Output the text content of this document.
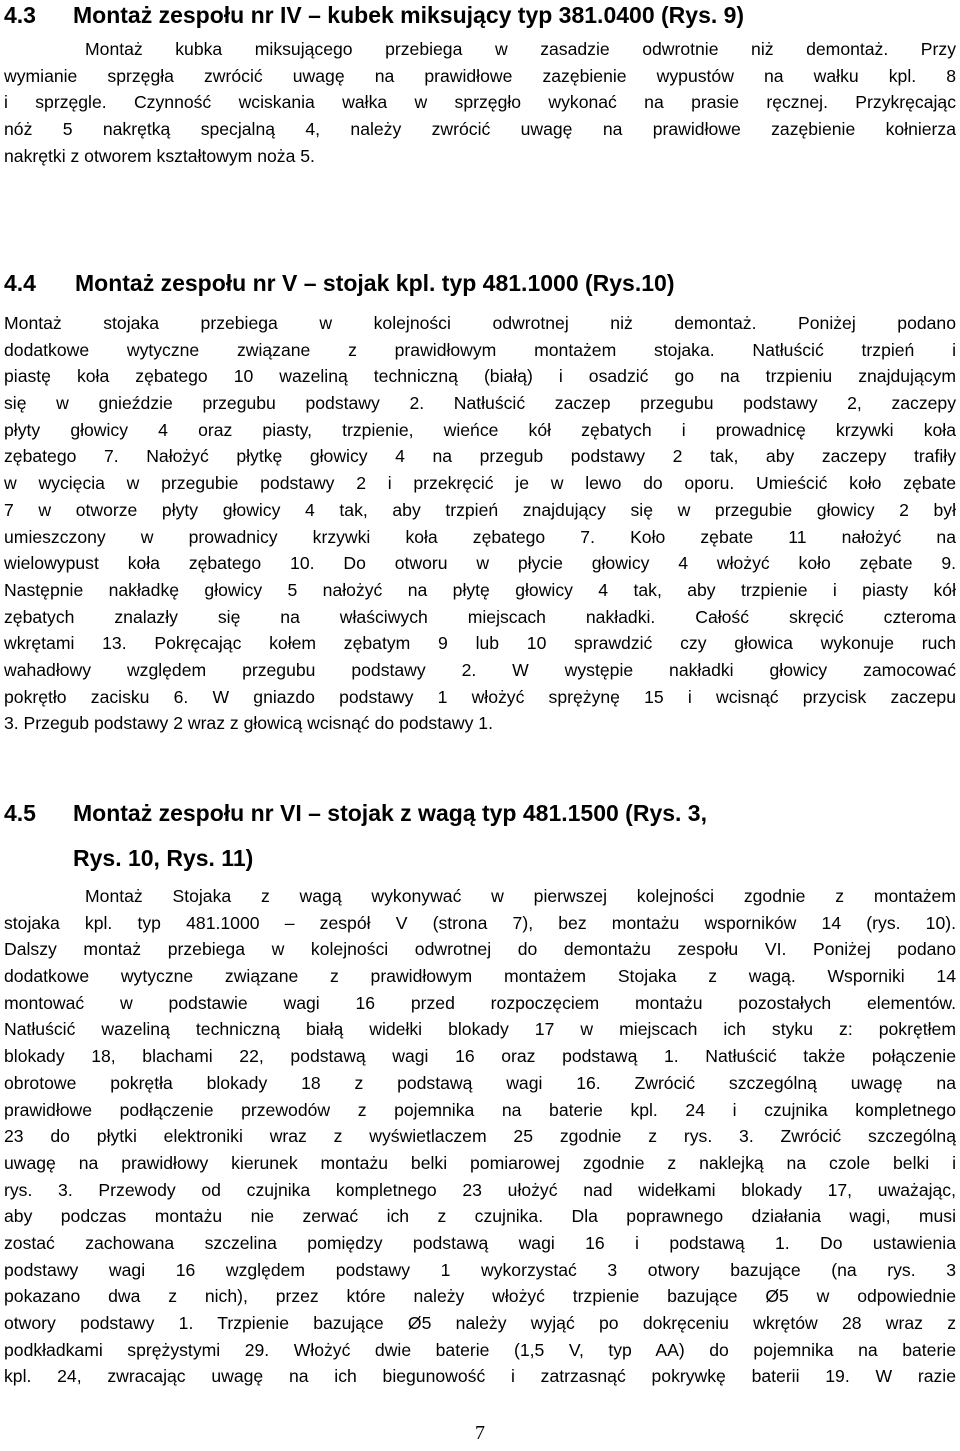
4.3 Montaż zespołu nr IV – kubek miksujący typ 381.0400 (Rys. 9)
Montaż kubka miksującego przebiega w zasadzie odwrotnie niż demontaż. Przy
wymianie sprzęgła zwrócić uwagę na prawidłowe zazębienie wypustów na wałku kpl. 8
i sprzęgle. Czynność wciskania wałka w sprzęgło wykonać na prasie ręcznej. Przykręcając
nóż 5 nakrętką specjalną 4, należy zwrócić uwagę na prawidłowe zazębienie kołnierza
nakrętki z otworem kształtowym noża 5.
4.4 Montaż zespołu nr V – stojak kpl. typ 481.1000 (Rys.10)
Montaż stojaka przebiega w kolejności odwrotnej niż demontaż. Poniżej podano
dodatkowe wytyczne związane z prawidłowym montażem stojaka. Natłuścić trzpień i
piastę koła zębatego 10 wazeliną techniczną (białą) i osadzić go na trzpieniu znajdującym
się w gnieździe przegubu podstawy 2. Natłuścić zaczep przegubu podstawy 2, zaczepy
płyty głowicy 4 oraz piasty, trzpienie, wieńce kół zębatych i prowadnicę krzywki koła
zębatego 7. Nałożyć płytkę głowicy 4 na przegub podstawy 2 tak, aby zaczepy trafiły
w wycięcia w przegubie podstawy 2 i przekręcić je w lewo do oporu. Umieścić koło zębate
7 w otworze płyty głowicy 4 tak, aby trzpień znajdujący się w przegubie głowicy 2 był
umieszczony w prowadnicy krzywki koła zębatego 7. Koło zębate 11 nałożyć na
wielowypust koła zębatego 10. Do otworu w płycie głowicy 4 włożyć koło zębate 9.
Następnie nakładkę głowicy 5 nałożyć na płytę głowicy 4 tak, aby trzpienie i piasty kół
zębatych znalazły się na właściwych miejscach nakładki. Całość skręcić czteroma
wkrętami 13. Pokręcając kołem zębatym 9 lub 10 sprawdzić czy głowica wykonuje ruch
wahadłowy względem przegubu podstawy 2. W występie nakładki głowicy zamocować
pokrętło zacisku 6. W gniazdo podstawy 1 włożyć sprężynę 15 i wcisnąć przycisk zaczepu
3. Przegub podstawy 2 wraz z głowicą wcisnąć do podstawy 1.
4.5 Montaż zespołu nr VI – stojak z wagą typ 481.1500 (Rys. 3,
Rys. 10, Rys. 11)
Montaż Stojaka z wagą wykonywać w pierwszej kolejności zgodnie z montażem
stojaka kpl. typ 481.1000 – zespół V (strona 7), bez montażu wsporników 14 (rys. 10).
Dalszy montaż przebiega w kolejności odwrotnej do demontażu zespołu VI. Poniżej podano
dodatkowe wytyczne związane z prawidłowym montażem Stojaka z wagą. Wsporniki 14
montować w podstawie wagi 16 przed rozpoczęciem montażu pozostałych elementów.
Natłuścić wazeliną techniczną białą widełki blokady 17 w miejscach ich styku z: pokrętłem
blokady 18, blachami 22, podstawą wagi 16 oraz podstawą 1. Natłuścić także połączenie
obrotowe pokrętła blokady 18 z podstawą wagi 16. Zwrócić szczególną uwagę na
prawidłowe podłączenie przewodów z pojemnika na baterie kpl. 24 i czujnika kompletnego
23 do płytki elektroniki wraz z wyświetlaczem 25 zgodnie z rys. 3. Zwrócić szczególną
uwagę na prawidłowy kierunek montażu belki pomiarowej zgodnie z naklejką na czole belki i
rys. 3. Przewody od czujnika kompletnego 23 ułożyć nad widełkami blokady 17, uważając,
aby podczas montażu nie zerwać ich z czujnika. Dla poprawnego działania wagi, musi
zostać zachowana szczelina pomiędzy podstawą wagi 16 i podstawą 1. Do ustawienia
podstawy wagi 16 względem podstawy 1 wykorzystać 3 otwory bazujące (na rys. 3
pokazano dwa z nich), przez które należy włożyć trzpienie bazujące Ø5 w odpowiednie
otwory podstawy 1. Trzpienie bazujące Ø5 należy wyjąć po dokręceniu wkrętów 28 wraz z
podkładkami sprężystymi 29. Włożyć dwie baterie (1,5 V, typ AA) do pojemnika na baterie
kpl. 24, zwracając uwagę na ich biegunowość i zatrzasnąć pokrywkę baterii 19. W razie
7
